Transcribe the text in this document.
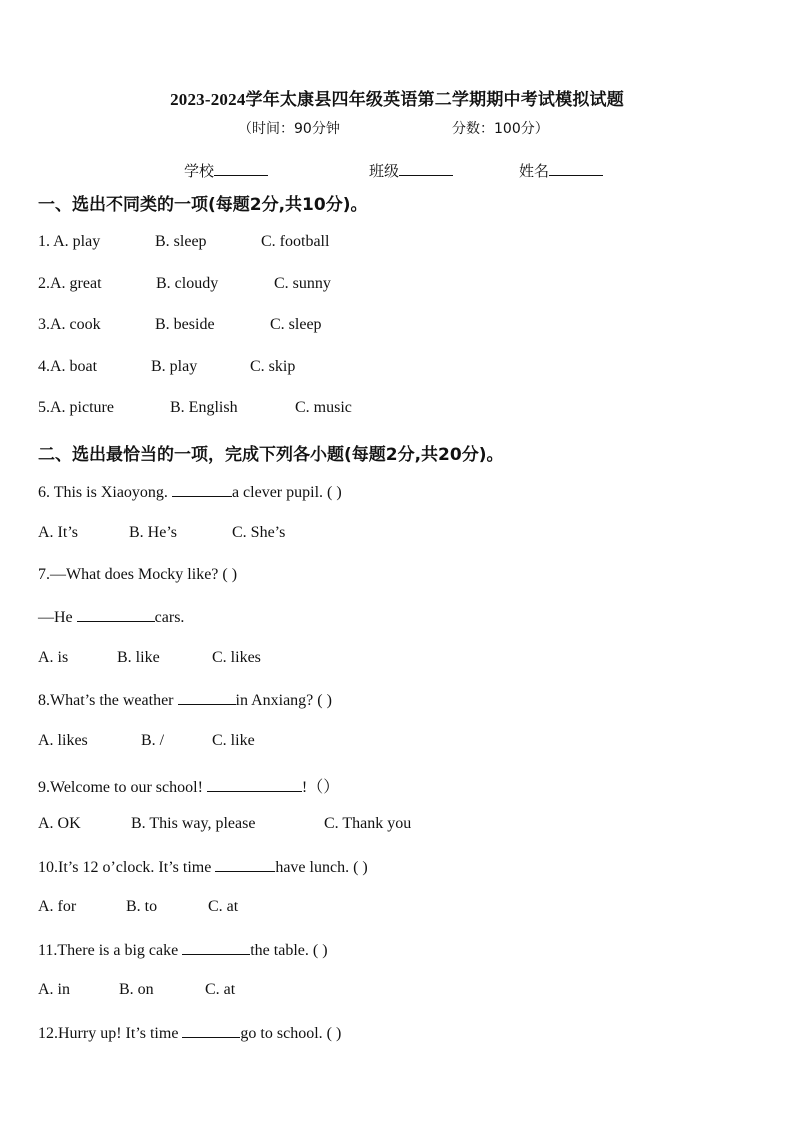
2023-2024学年太康县四年级英语第二学期期中考试模拟试题
（时间：90分钟	分数：100分）
学校	班级	姓名
一、选出不同类的一项(每题2分,共10分)。
1. A. play	B. sleep	C. football
2.A. great	B. cloudy	C. sunny
3.A. cook	B. beside	C. sleep
4.A. boat	B. play	C. skip
5.A. picture	B. English	C. music
二、选出最恰当的一项，完成下列各小题(每题2分,共20分)。
6. This is Xiaoyong.	a clever pupil. ( )
A. It’s	B. He’s	C. She’s
7.—What does Mocky like? ( )
—He	cars.
A. is	B. like	C. likes
8.What’s the weather	in Anxiang? ( )
A. likes	B. /	C. like
9.Welcome to our school!	!（）
A. OK	B. This way, please	C. Thank you
10.It’s 12 o’clock. It’s time	have lunch. ( )
A. for	B. to	C. at
11.There is a big cake	the table. ( )
A. in	B. on	C. at
12.Hurry up! It’s time	go to school. ( )
